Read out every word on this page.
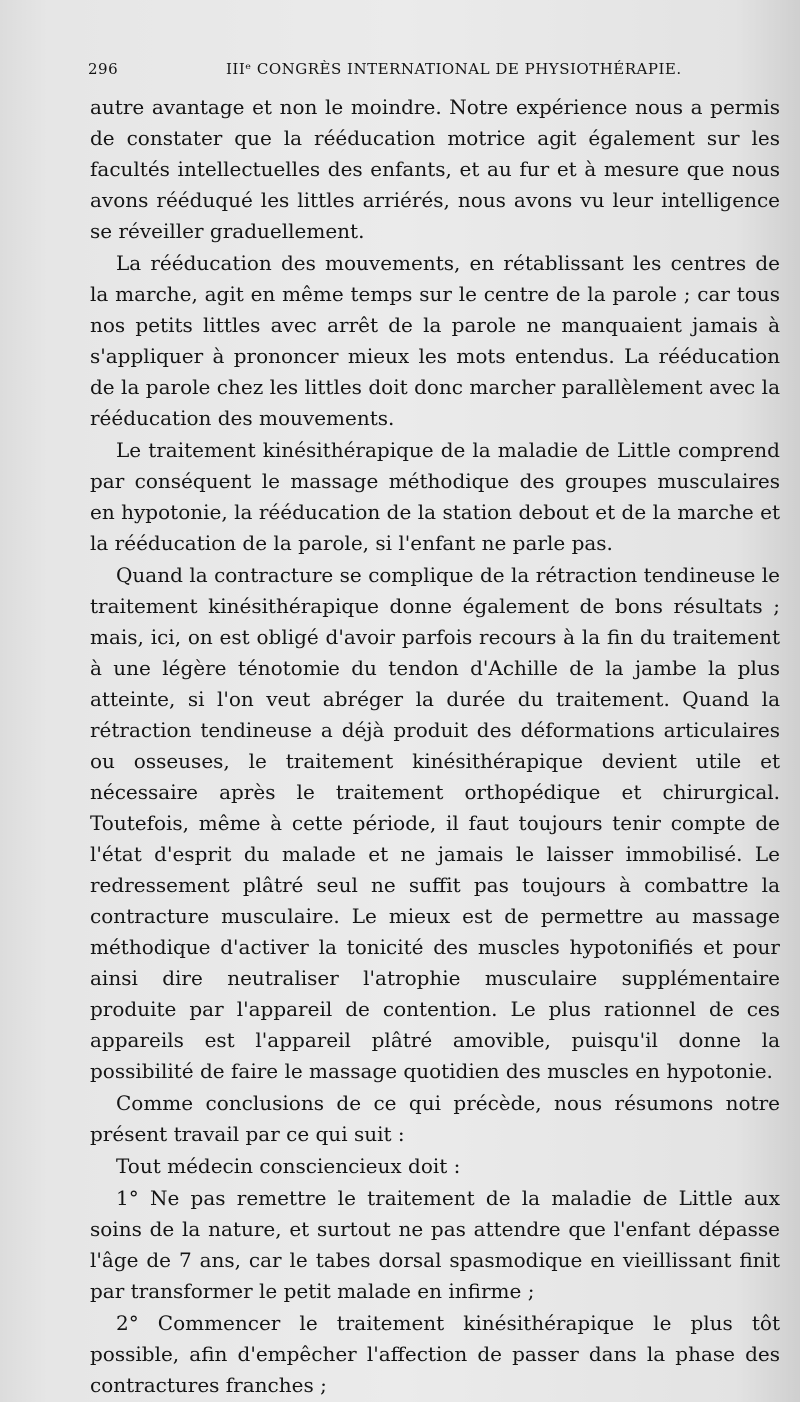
296	IIIᵉ CONGRÈS INTERNATIONAL DE PHYSIOTHÉRAPIE.

autre avantage et non le moindre. Notre expérience nous a permis de constater que la rééducation motrice agit également sur les facultés intellectuelles des enfants, et au fur et à mesure que nous avons rééduqué les littles arriérés, nous avons vu leur intelligence se réveiller graduellement.

La rééducation des mouvements, en rétablissant les centres de la marche, agit en même temps sur le centre de la parole ; car tous nos petits littles avec arrêt de la parole ne manquaient jamais à s'appliquer à prononcer mieux les mots entendus. La rééducation de la parole chez les littles doit donc marcher parallèlement avec la rééducation des mouvements.

Le traitement kinésithérapique de la maladie de Little comprend par conséquent le massage méthodique des groupes musculaires en hypotonie, la rééducation de la station debout et de la marche et la rééducation de la parole, si l'enfant ne parle pas.

Quand la contracture se complique de la rétraction tendineuse le traitement kinésithérapique donne également de bons résultats ; mais, ici, on est obligé d'avoir parfois recours à la fin du traitement à une légère ténotomie du tendon d'Achille de la jambe la plus atteinte, si l'on veut abréger la durée du traitement. Quand la rétraction tendineuse a déjà produit des déformations articulaires ou osseuses, le traitement kinésithérapique devient utile et nécessaire après le traitement orthopédique et chirurgical. Toutefois, même à cette période, il faut toujours tenir compte de l'état d'esprit du malade et ne jamais le laisser immobilisé. Le redressement plâtré seul ne suffit pas toujours à combattre la contracture musculaire. Le mieux est de permettre au massage méthodique d'activer la tonicité des muscles hypotonifiés et pour ainsi dire neutraliser l'atrophie musculaire supplémentaire produite par l'appareil de contention. Le plus rationnel de ces appareils est l'appareil plâtré amovible, puisqu'il donne la possibilité de faire le massage quotidien des muscles en hypotonie.

Comme conclusions de ce qui précède, nous résumons notre présent travail par ce qui suit :

Tout médecin consciencieux doit :

1° Ne pas remettre le traitement de la maladie de Little aux soins de la nature, et surtout ne pas attendre que l'enfant dépasse l'âge de 7 ans, car le tabes dorsal spasmodique en vieillissant finit par transformer le petit malade en infirme ;

2° Commencer le traitement kinésithérapique le plus tôt possible, afin d'empêcher l'affection de passer dans la phase des contractures franches ;
